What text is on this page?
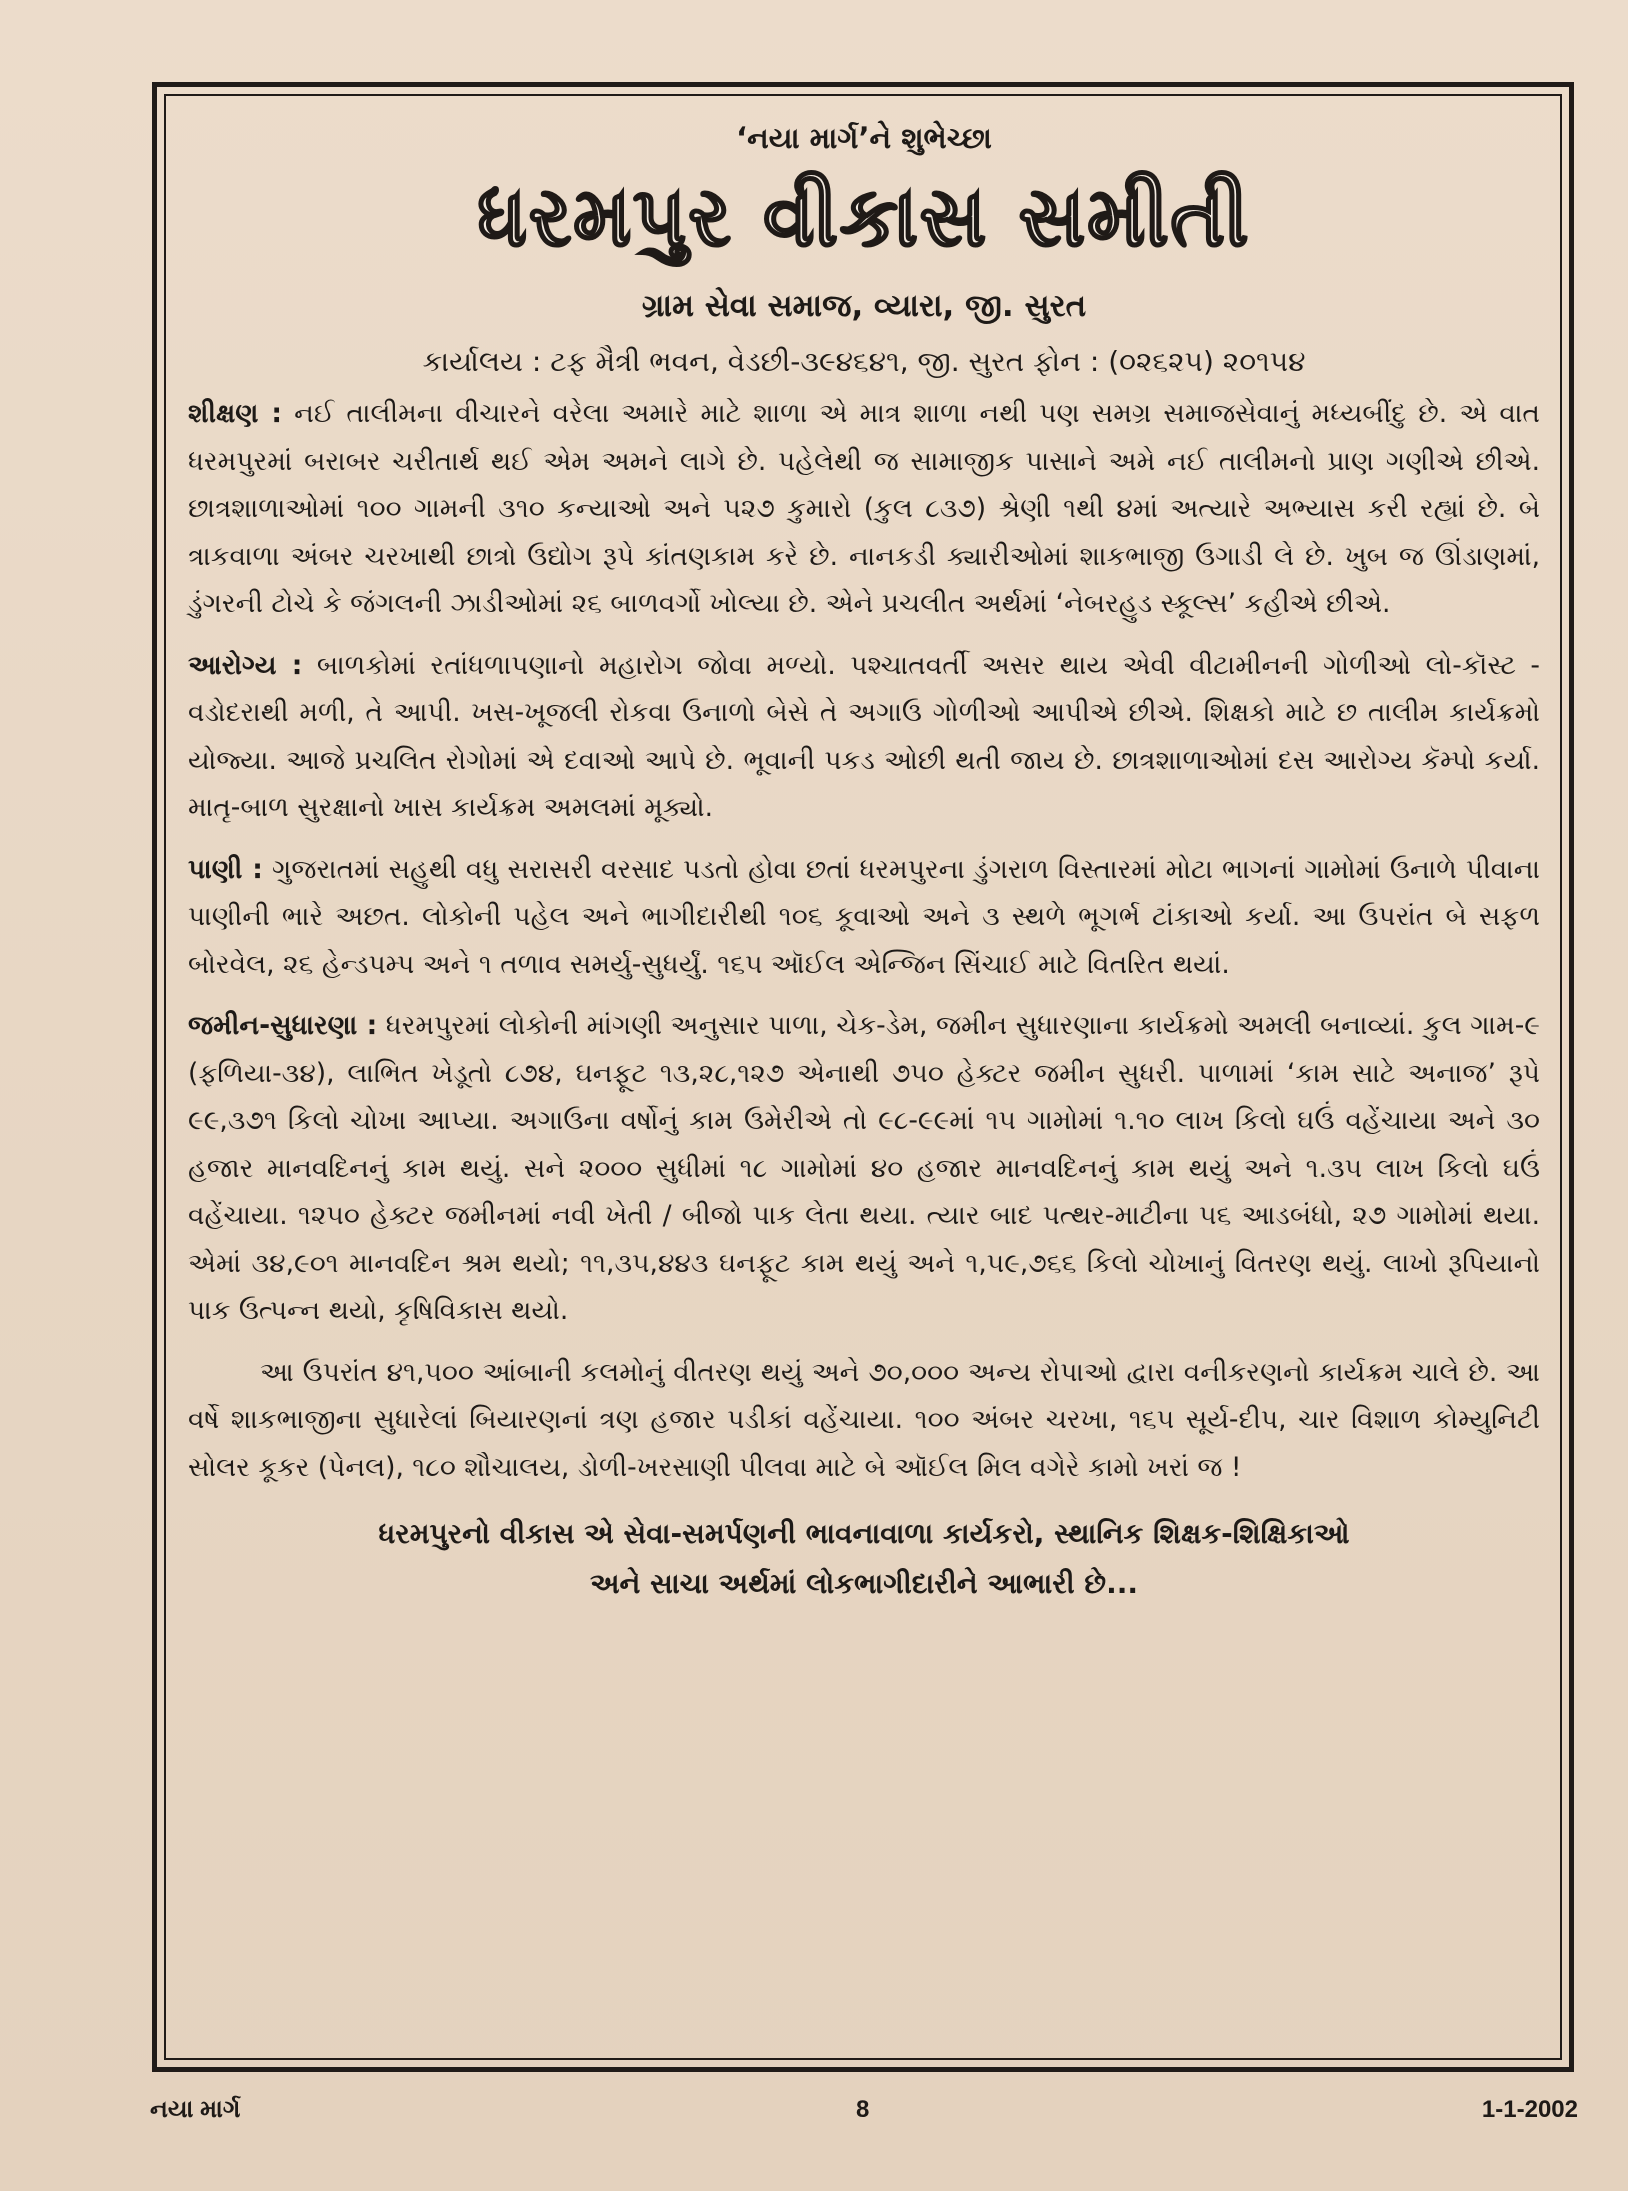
‘નયા માર્ગ’ને શુભેચ્છા

ધરમપુર વીકાસ સમીતી

ગ્રામ સેવા સમાજ, વ્યારા, જી. સુરત

કાર્યાલય : ટફ મૈત્રી ભવન, વેડછી-૩૯૪૬૪૧, જી. સુરત ફોન : (૦૨૬૨૫) ૨૦૧૫૪

શીક્ષણ : નઈ તાલીમના વીચારને વરેલા અમારે માટે શાળા એ માત્ર શાળા નથી પણ સમગ્ર સમાજસેવાનું મધ્યબીંદુ છે. એ વાત ધરમપુરમાં બરાબર ચરીતાર્થ થઈ એમ અમને લાગે છે. પહેલેથી જ સામાજીક પાસાને અમે નઈ તાલીમનો પ્રાણ ગણીએ છીએ. છાત્રશાળાઓમાં ૧૦૦ ગામની ૩૧૦ કન્યાઓ અને ૫૨૭ કુમારો (કુલ ૮૩૭) શ્રેણી ૧થી ૪માં અત્યારે અભ્યાસ કરી રહ્યાં છે. બે ત્રાકવાળા અંબર ચરખાથી છાત્રો ઉદ્યોગ રૂપે કાંતણકામ કરે છે. નાનકડી ક્યારીઓમાં શાકભાજી ઉગાડી લે છે. ખુબ જ ઊંડાણમાં, ડુંગરની ટોચે કે જંગલની ઝાડીઓમાં ૨૬ બાળવર્ગો ખોલ્યા છે. એને પ્રચલીત અર્થમાં ‘નેબરહુડ સ્કૂલ્સ’ કહીએ છીએ.

આરોગ્ય : બાળકોમાં રતાંધળાપણાનો મહારોગ જોવા મળ્યો. પશ્ચાતવર્તી અસર થાય એવી વીટામીનની ગોળીઓ લો-કૉસ્ટ - વડોદરાથી મળી, તે આપી. ખસ-ખૂજલી રોકવા ઉનાળો બેસે તે અગાઉ ગોળીઓ આપીએ છીએ. શિક્ષકો માટે છ તાલીમ કાર્યક્રમો યોજ્યા. આજે પ્રચલિત રોગોમાં એ દવાઓ આપે છે. ભૂવાની પકડ ઓછી થતી જાય છે. છાત્રશાળાઓમાં દસ આરોગ્ય કૅમ્પો કર્યા. માતૃ-બાળ સુરક્ષાનો ખાસ કાર્યક્રમ અમલમાં મૂક્યો.

પાણી : ગુજરાતમાં સહુથી વધુ સરાસરી વરસાદ પડતો હોવા છતાં ધરમપુરના ડુંગરાળ વિસ્તારમાં મોટા ભાગનાં ગામોમાં ઉનાળે પીવાના પાણીની ભારે અછત. લોકોની પહેલ અને ભાગીદારીથી ૧૦૬ કૂવાઓ અને ૩ સ્થળે ભૂગર્ભ ટાંકાઓ કર્યા. આ ઉપરાંત બે સફળ બોરવેલ, ૨૬ હેન્ડપમ્પ અને ૧ તળાવ સમર્યુ-સુધર્યું. ૧૬૫ ઑઈલ એન્જિન સિંચાઈ માટે વિતરિત થયાં.

જમીન-સુધારણા : ધરમપુરમાં લોકોની માંગણી અનુસાર પાળા, ચેક-ડેમ, જમીન સુધારણાના કાર્યક્રમો અમલી બનાવ્યાં. કુલ ગામ-૯ (ફળિયા-૩૪), લાભિત ખેડૂતો ૮૭૪, ઘનફૂટ ૧૩,૨૮,૧૨૭ એનાથી ૭૫૦ હેક્ટર જમીન સુધરી. પાળામાં ‘કામ સાટે અનાજ’ રૂપે ૯૯,૩૭૧ કિલો ચોખા આપ્યા. અગાઉના વર્ષોનું કામ ઉમેરીએ તો ૯૮-૯૯માં ૧૫ ગામોમાં ૧.૧૦ લાખ કિલો ઘઉં વહેંચાયા અને ૩૦ હજાર માનવદિનનું કામ થયું. સને ૨૦૦૦ સુધીમાં ૧૮ ગામોમાં ૪૦ હજાર માનવદિનનું કામ થયું અને ૧.૩૫ લાખ કિલો ઘઉં વહેંચાયા. ૧૨૫૦ હેક્ટર જમીનમાં નવી ખેતી / બીજો પાક લેતા થયા. ત્યાર બાદ પત્થર-માટીના ૫૬ આડબંધો, ૨૭ ગામોમાં થયા. એમાં ૩૪,૯૦૧ માનવદિન શ્રમ થયો; ૧૧,૩૫,૪૪૩ ઘનફૂટ કામ થયું અને ૧,૫૯,૭૬૬ કિલો ચોખાનું વિતરણ થયું. લાખો રૂપિયાનો પાક ઉત્પન્ન થયો, કૃષિવિકાસ થયો.

આ ઉપરાંત ૪૧,૫૦૦ આંબાની કલમોનું વીતરણ થયું અને ૭૦,૦૦૦ અન્ય રોપાઓ દ્વારા વનીકરણનો કાર્યક્રમ ચાલે છે. આ વર્ષે શાકભાજીના સુધારેલાં બિયારણનાં ત્રણ હજાર પડીકાં વહેંચાયા. ૧૦૦ અંબર ચરખા, ૧૬૫ સૂર્ય-દીપ, ચાર વિશાળ કોમ્યુનિટી સોલર કૂકર (પેનલ), ૧૮૦ શૌચાલય, ડોળી-ખરસાણી પીલવા માટે બે ઑઈલ મિલ વગેરે કામો ખરાં જ !

ધરમપુરનો વીકાસ એ સેવા-સમર્પણની ભાવનાવાળા કાર્યકરો, સ્થાનિક શિક્ષક-શિક્ષિકાઓ
અને સાચા અર્થમાં લોકભાગીદારીને આભારી છે...
નયા માર્ગ	8	1-1-2002
